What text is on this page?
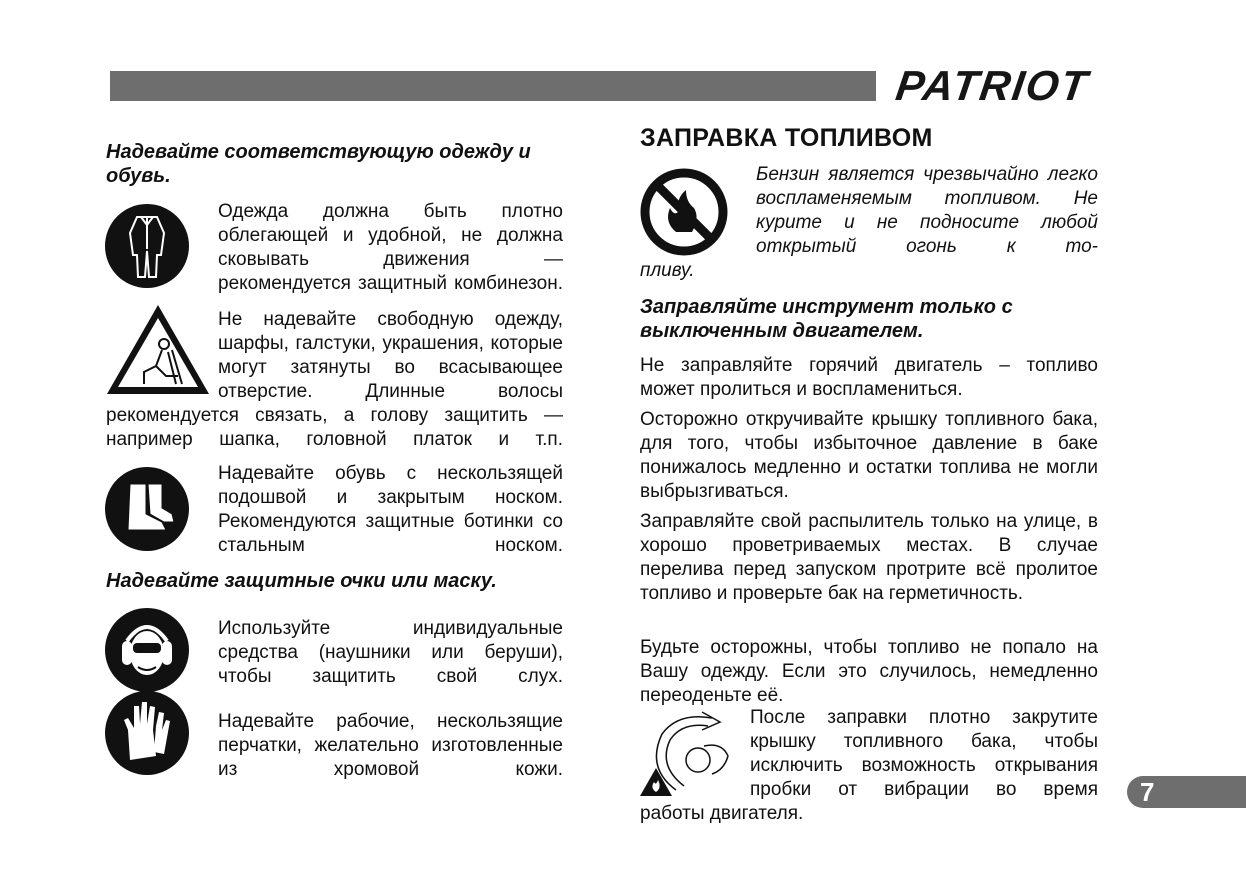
PATRIOT

Надевайте соответствующую одежду и обувь.

Одежда должна быть плотно облегающей и удобной, не должна сковывать движения — рекомендуется защитный комбинезон.

Не надевайте свободную одежду, шарфы, галстуки, украшения, которые могут затянуты во всасывающее отверстие. Длинные волосы

рекомендуется связать, а голову защитить — например шапка, головной платок и т.п.

Надевайте обувь с нескользящей подошвой и закрытым носком. Рекомендуются защитные ботинки со стальным носком.

Надевайте защитные очки или маску.

Используйте индивидуальные средства (наушники или беруши), чтобы защитить свой слух.

Надевайте рабочие, нескользящие перчатки, желательно изготовленные из хромовой кожи.

ЗАПРАВКА ТОПЛИВОМ

Бензин является чрезвычайно легко воспламеняемым топливом. Не курите и не подносите любой открытый огонь к то-

пливу.

Заправляйте инструмент только с выключенным двигателем.

Не заправляйте горячий двигатель – топливо может пролиться и воспламениться.

Осторожно откручивайте крышку топливного бака, для того, чтобы избыточное давление в баке понижалось медленно и остатки топлива не могли выбрызгиваться.

Заправляйте свой распылитель только на улице, в хорошо проветриваемых местах. В случае перелива перед запуском протрите всё пролитое топливо и проверьте бак на герметичность.

Будьте осторожны, чтобы топливо не попало на Вашу одежду. Если это случилось, немедленно переоденьте её.

После заправки плотно закрутите крышку топливного бака, чтобы исключить возможность открывания пробки от вибрации во время

работы двигателя.

7
